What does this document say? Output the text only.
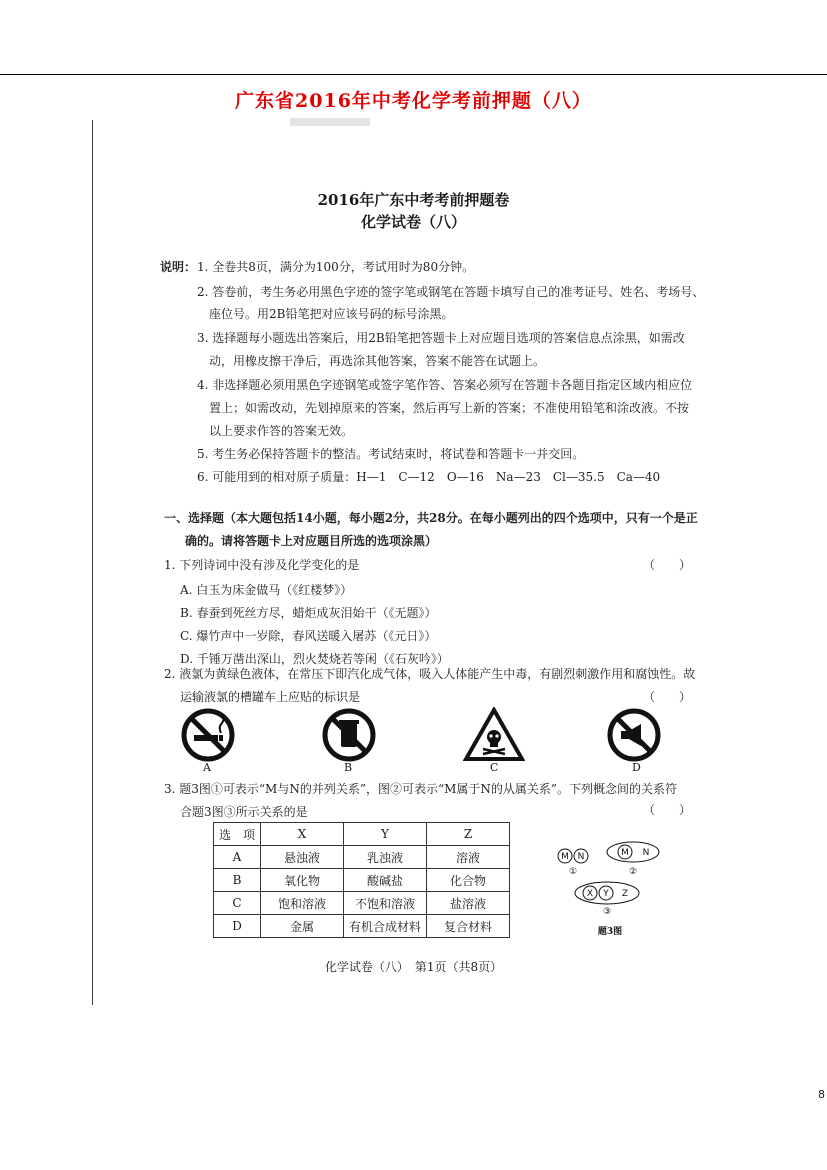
广东省2016年中考化学考前押题（八）
2016年广东中考考前押题卷
化学试卷（八）
说明： 1. 全卷共8页，满分为100分，考试用时为80分钟。
2. 答卷前，考生务必用黑色字迹的签字笔或钢笔在答题卡填写自己的准考证号、姓名、考场号、
座位号。用2B铅笔把对应该号码的标号涂黑。
3. 选择题每小题选出答案后，用2B铅笔把答题卡上对应题目选项的答案信息点涂黑，如需改
动，用橡皮擦干净后，再选涂其他答案，答案不能答在试题上。
4. 非选择题必须用黑色字迹钢笔或签字笔作答、答案必须写在答题卡各题目指定区域内相应位
置上；如需改动，先划掉原来的答案，然后再写上新的答案；不准使用铅笔和涂改液。不按
以上要求作答的答案无效。
5. 考生务必保持答题卡的整洁。考试结束时，将试卷和答题卡一并交回。
6. 可能用到的相对原子质量：H—1　C—12　O—16　Na—23　Cl—35.5　Ca—40
一、选择题（本大题包括14小题，每小题2分，共28分。在每小题列出的四个选项中，只有一个是正
确的。请将答题卡上对应题目所选的选项涂黑）
1. 下列诗词中没有涉及化学变化的是	（　　）
A. 白玉为床金做马（《红楼梦》）
B. 春蚕到死丝方尽，蜡炬成灰泪始干（《无题》）
C. 爆竹声中一岁除，春风送暖入屠苏（《元日》）
D. 千锤万凿出深山，烈火焚烧若等闲（《石灰吟》）
2. 液氯为黄绿色液体，在常压下即汽化成气体，吸入人体能产生中毒，有剧烈刺激作用和腐蚀性。故
运输液氯的槽罐车上应贴的标识是	（　　）
A	B	C	D
3. 题3图①可表示“M与N的并列关系”，图②可表示“M属于N的从属关系”。下列概念间的关系符
合题3图③所示关系的是	（　　）
选　项	X	Y	Z
A	悬浊液	乳浊液	溶液
B	氧化物	酸碱盐	化合物
C	饱和溶液	不饱和溶液	盐溶液
D	金属	有机合成材料	复合材料
M N
①
M N
②
X Y Z
③
题3图
化学试卷（八）　第1页（共8页）
8
